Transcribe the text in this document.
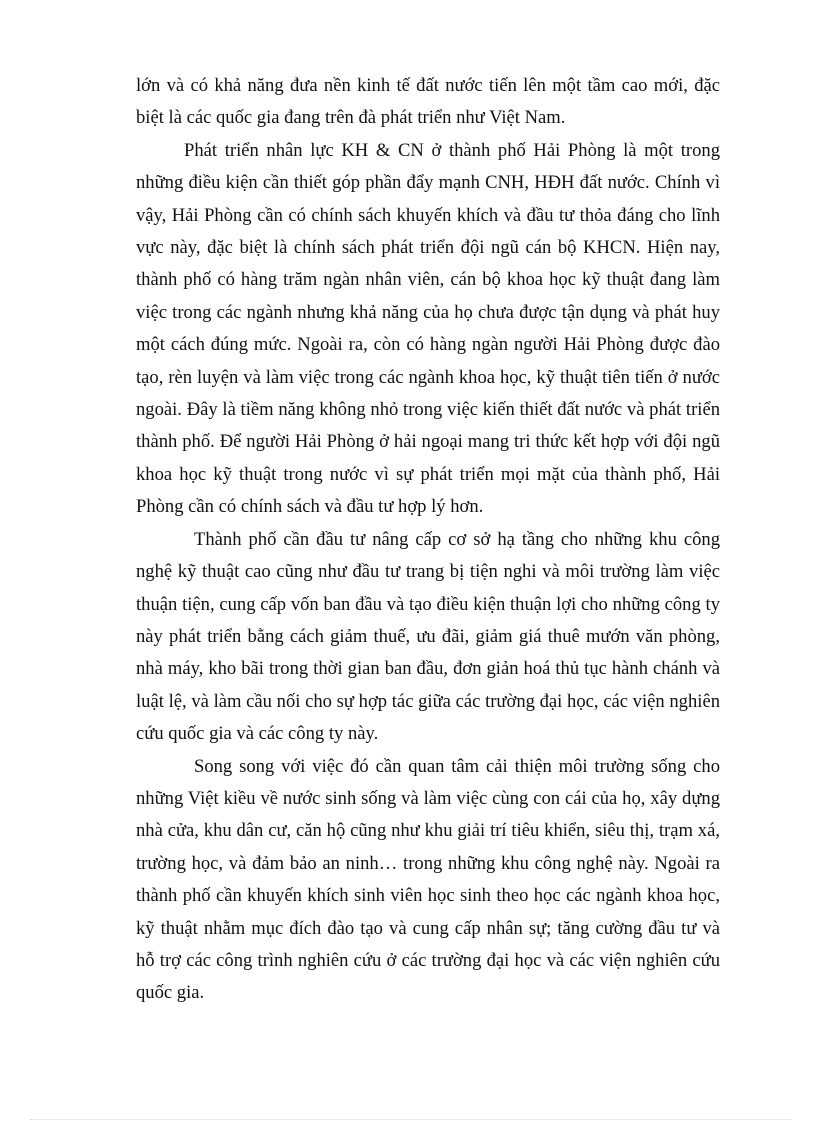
lớn và có khả năng đưa nền kinh tế đất nước tiến lên một tầm cao mới, đặc biệt là các quốc gia đang trên đà phát triển như Việt Nam.

Phát triển nhân lực KH & CN ở thành phố Hải Phòng là một trong những điều kiện cần thiết góp phần đẩy mạnh CNH, HĐH đất nước. Chính vì vậy, Hải Phòng cần có chính sách khuyến khích và đầu tư thỏa đáng cho lĩnh vực này, đặc biệt là chính sách phát triển đội ngũ cán bộ KHCN. Hiện nay, thành phố có hàng trăm ngàn nhân viên, cán bộ khoa học kỹ thuật đang làm việc trong các ngành nhưng khả năng của họ chưa được tận dụng và phát huy một cách đúng mức. Ngoài ra, còn có hàng ngàn người Hải Phòng được đào tạo, rèn luyện và làm việc trong các ngành khoa học, kỹ thuật tiên tiến ở nước ngoài. Đây là tiềm năng không nhỏ trong việc kiến thiết đất nước và phát triển thành phố. Để người Hải Phòng ở hải ngoại mang tri thức kết hợp với đội ngũ khoa học kỹ thuật trong nước vì sự phát triển mọi mặt của thành phố, Hải Phòng cần có chính sách và đầu tư hợp lý hơn.

Thành phố cần đầu tư nâng cấp cơ sở hạ tầng cho những khu công nghệ kỹ thuật cao cũng như đầu tư trang bị tiện nghi và môi trường làm việc thuận tiện, cung cấp vốn ban đầu và tạo điều kiện thuận lợi cho những công ty này phát triển bằng cách giảm thuế, ưu đãi, giảm giá thuê mướn văn phòng, nhà máy, kho bãi trong thời gian ban đầu, đơn giản hoá thủ tục hành chánh và luật lệ, và làm cầu nối cho sự hợp tác giữa các trường đại học, các viện nghiên cứu quốc gia và các công ty này.

Song song với việc đó cần quan tâm cải thiện môi trường sống cho những Việt kiều về nước sinh sống và làm việc cùng con cái của họ, xây dựng nhà cửa, khu dân cư, căn hộ cũng như khu giải trí tiêu khiển, siêu thị, trạm xá, trường học, và đảm bảo an ninh… trong những khu công nghệ này. Ngoài ra thành phố cần khuyến khích sinh viên học sinh theo học các ngành khoa học, kỹ thuật nhằm mục đích đào tạo và cung cấp nhân sự; tăng cường đầu tư và hỗ trợ các công trình nghiên cứu ở các trường đại học và các viện nghiên cứu quốc gia.
